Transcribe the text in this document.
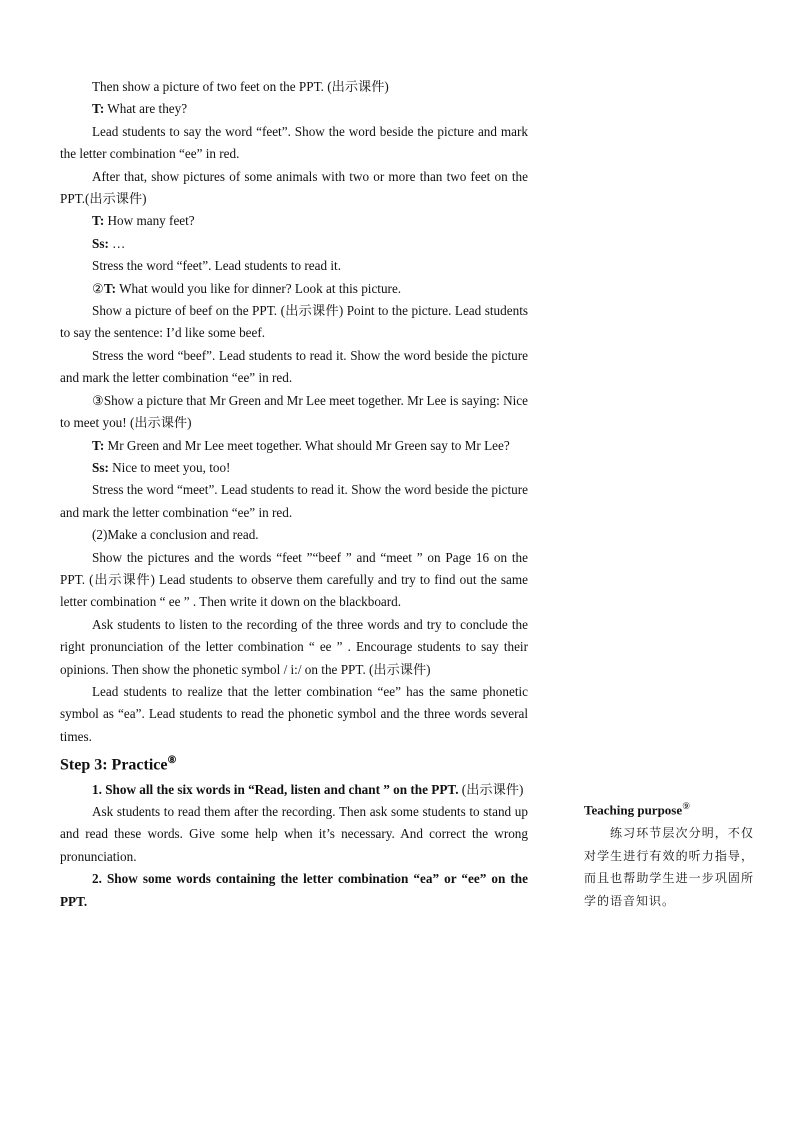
Then show a picture of two feet on the PPT. (出示课件)

T: What are they?

Lead students to say the word “feet”. Show the word beside the picture and mark the letter combination “ee” in red.

After that, show pictures of some animals with two or more than two feet on the PPT.(出示课件)

T: How many feet?

Ss: …

Stress the word “feet”. Lead students to read it.

②T: What would you like for dinner? Look at this picture.

Show a picture of beef on the PPT. (出示课件) Point to the picture. Lead students to say the sentence: I’d like some beef.

Stress the word “beef”. Lead students to read it. Show the word beside the picture and mark the letter combination “ee” in red.

③Show a picture that Mr Green and Mr Lee meet together. Mr Lee is saying: Nice to meet you! (出示课件)

T: Mr Green and Mr Lee meet together. What should Mr Green say to Mr Lee?

Ss: Nice to meet you, too!

Stress the word “meet”. Lead students to read it. Show the word beside the picture and mark the letter combination “ee” in red.

(2)Make a conclusion and read.

Show the pictures and the words “feet ”“beef ” and “meet ” on Page 16 on the PPT. (出示课件) Lead students to observe them carefully and try to find out the same letter combination “ ee ” . Then write it down on the blackboard.

Ask students to listen to the recording of the three words and try to conclude the right pronunciation of the letter combination “ ee ” . Encourage students to say their opinions. Then show the phonetic symbol / i:/ on the PPT. (出示课件)

Lead students to realize that the letter combination “ee” has the same phonetic symbol as “ea”. Lead students to read the phonetic symbol and the three words several times.

Step 3: Practice⑧

1. Show all the six words in “Read, listen and chant ” on the PPT. (出示课件)

Ask students to read them after the recording. Then ask some students to stand up and read these words. Give some help when it’s necessary. And correct the wrong pronunciation.

2. Show some words containing the letter combination “ea” or “ee” on the PPT.

Teaching purpose⑨

练习环节层次分明，不仅对学生进行有效的听力指导，而且也帮助学生进一步巩固所学的语音知识。
